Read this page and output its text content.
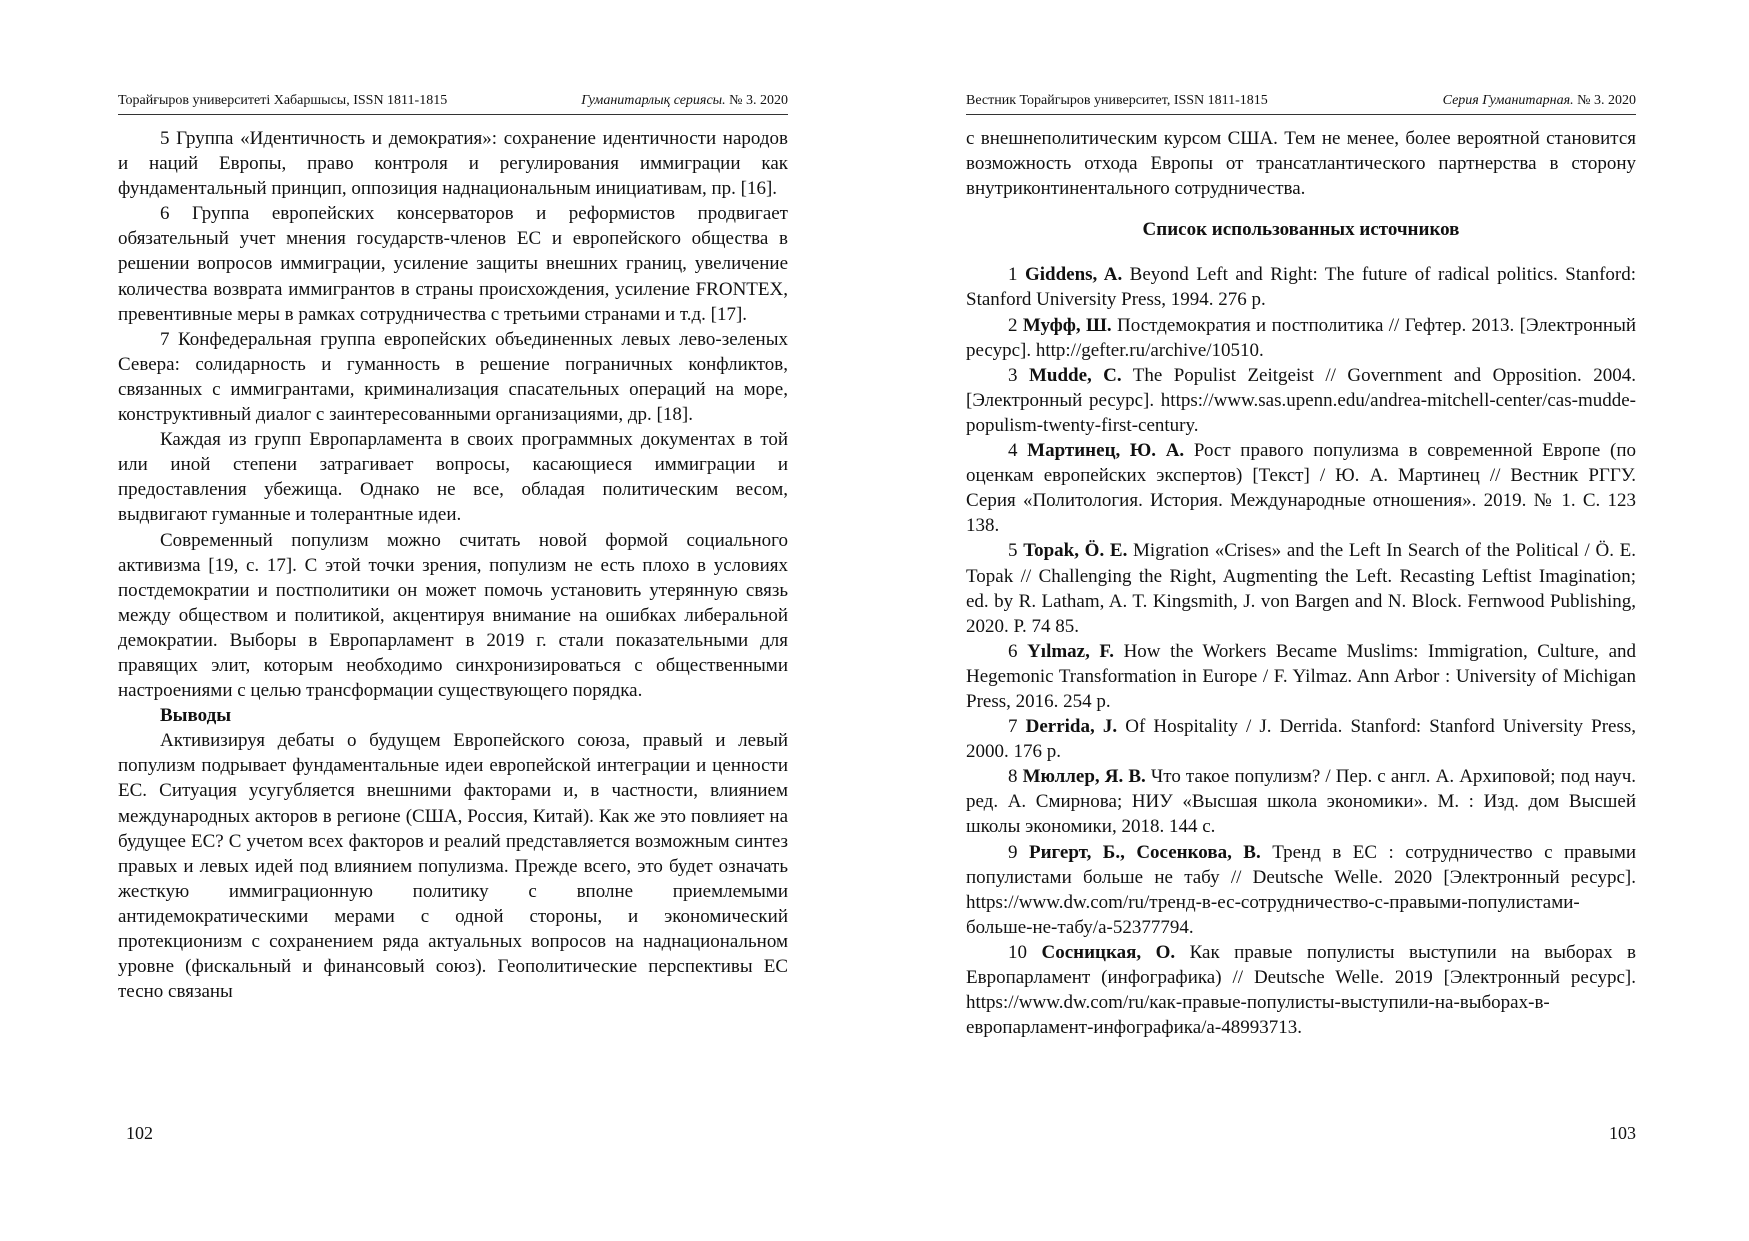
Торайғыров университеті Хабаршысы, ISSN 1811-1815	Гуманитарлық сериясы. № 3. 2020

5 Группа «Идентичность и демократия»: сохранение идентичности народов и наций Европы, право контроля и регулирования иммиграции как фундаментальный принцип, оппозиция наднациональным инициативам, пр. [16].

6 Группа европейских консерваторов и реформистов продвигает обязательный учет мнения государств-членов ЕС и европейского общества в решении вопросов иммиграции, усиление защиты внешних границ, увеличение количества возврата иммигрантов в страны происхождения, усиление FRONTEX, превентивные меры в рамках сотрудничества с третьими странами и т.д. [17].

7 Конфедеральная группа европейских объединенных левых лево-зеленых Севера: солидарность и гуманность в решение пограничных конфликтов, связанных с иммигрантами, криминализация спасательных операций на море, конструктивный диалог с заинтересованными организациями, др. [18].

Каждая из групп Европарламента в своих программных документах в той или иной степени затрагивает вопросы, касающиеся иммиграции и предоставления убежища. Однако не все, обладая политическим весом, выдвигают гуманные и толерантные идеи.

Современный популизм можно считать новой формой социального активизма [19, с. 17]. С этой точки зрения, популизм не есть плохо в условиях постдемократии и постполитики он может помочь установить утерянную связь между обществом и политикой, акцентируя внимание на ошибках либеральной демократии. Выборы в Европарламент в 2019 г. стали показательными для правящих элит, которым необходимо синхронизироваться с общественными настроениями с целью трансформации существующего порядка.

Выводы

Активизируя дебаты о будущем Европейского союза, правый и левый популизм подрывает фундаментальные идеи европейской интеграции и ценности ЕС. Ситуация усугубляется внешними факторами и, в частности, влиянием международных акторов в регионе (США, Россия, Китай). Как же это повлияет на будущее ЕС? С учетом всех факторов и реалий представляется возможным синтез правых и левых идей под влиянием популизма. Прежде всего, это будет означать жесткую иммиграционную политику с вполне приемлемыми антидемократическими мерами с одной стороны, и экономический протекционизм с сохранением ряда актуальных вопросов на наднациональном уровне (фискальный и финансовый союз). Геополитические перспективы ЕС тесно связаны

102
Вестник Торайгыров университет, ISSN 1811-1815	Серия Гуманитарная. № 3. 2020

с внешнеполитическим курсом США. Тем не менее, более вероятной становится возможность отхода Европы от трансатлантического партнерства в сторону внутриконтинентального сотрудничества.

Список использованных источников

1 Giddens, A. Beyond Left and Right: The future of radical politics. Stanford: Stanford University Press, 1994. 276 p.

2 Муфф, Ш. Постдемократия и постполитика // Гефтер. 2013. [Электронный ресурс]. http://gefter.ru/archive/10510.

3 Mudde, C. The Populist Zeitgeist // Government and Opposition. 2004. [Электронный ресурс]. https://www.sas.upenn.edu/andrea-mitchell-center/cas-mudde-populism-twenty-first-century.

4 Мартинец, Ю. А. Рост правого популизма в современной Европе (по оценкам европейских экспертов) [Текст] / Ю. А. Мартинец // Вестник РГГУ. Серия «Политология. История. Международные отношения». 2019. № 1. С. 123 138.

5 Topak, Ö. E. Migration «Crises» and the Left In Search of the Political / Ö. E. Topak // Challenging the Right, Augmenting the Left. Recasting Leftist Imagination; ed. by R. Latham, A. T. Kingsmith, J. von Bargen and N. Block. Fernwood Publishing, 2020. P. 74 85.

6 Yılmaz, F. How the Workers Became Muslims: Immigration, Culture, and Hegemonic Transformation in Europe / F. Yilmaz. Ann Arbor : University of Michigan Press, 2016. 254 p.

7 Derrida, J. Of Hospitality / J. Derrida. Stanford: Stanford University Press, 2000. 176 p.

8 Мюллер, Я. В. Что такое популизм? / Пер. с англ. А. Архиповой; под науч. ред. А. Смирнова; НИУ «Высшая школа экономики». М. : Изд. дом Высшей школы экономики, 2018. 144 с.

9 Ригерт, Б., Сосенкова, В. Тренд в ЕС : сотрудничество с правыми популистами больше не табу // Deutsche Welle. 2020 [Электронный ресурс]. https://www.dw.com/ru/тренд-в-ес-сотрудничество-с-правыми-популистами-больше-не-табу/a-52377794.

10 Сосницкая, О. Как правые популисты выступили на выборах в Европарламент (инфографика) // Deutsche Welle. 2019 [Электронный ресурс]. https://www.dw.com/ru/как-правые-популисты-выступили-на-выборах-в-европарламент-инфографика/a-48993713.

103
